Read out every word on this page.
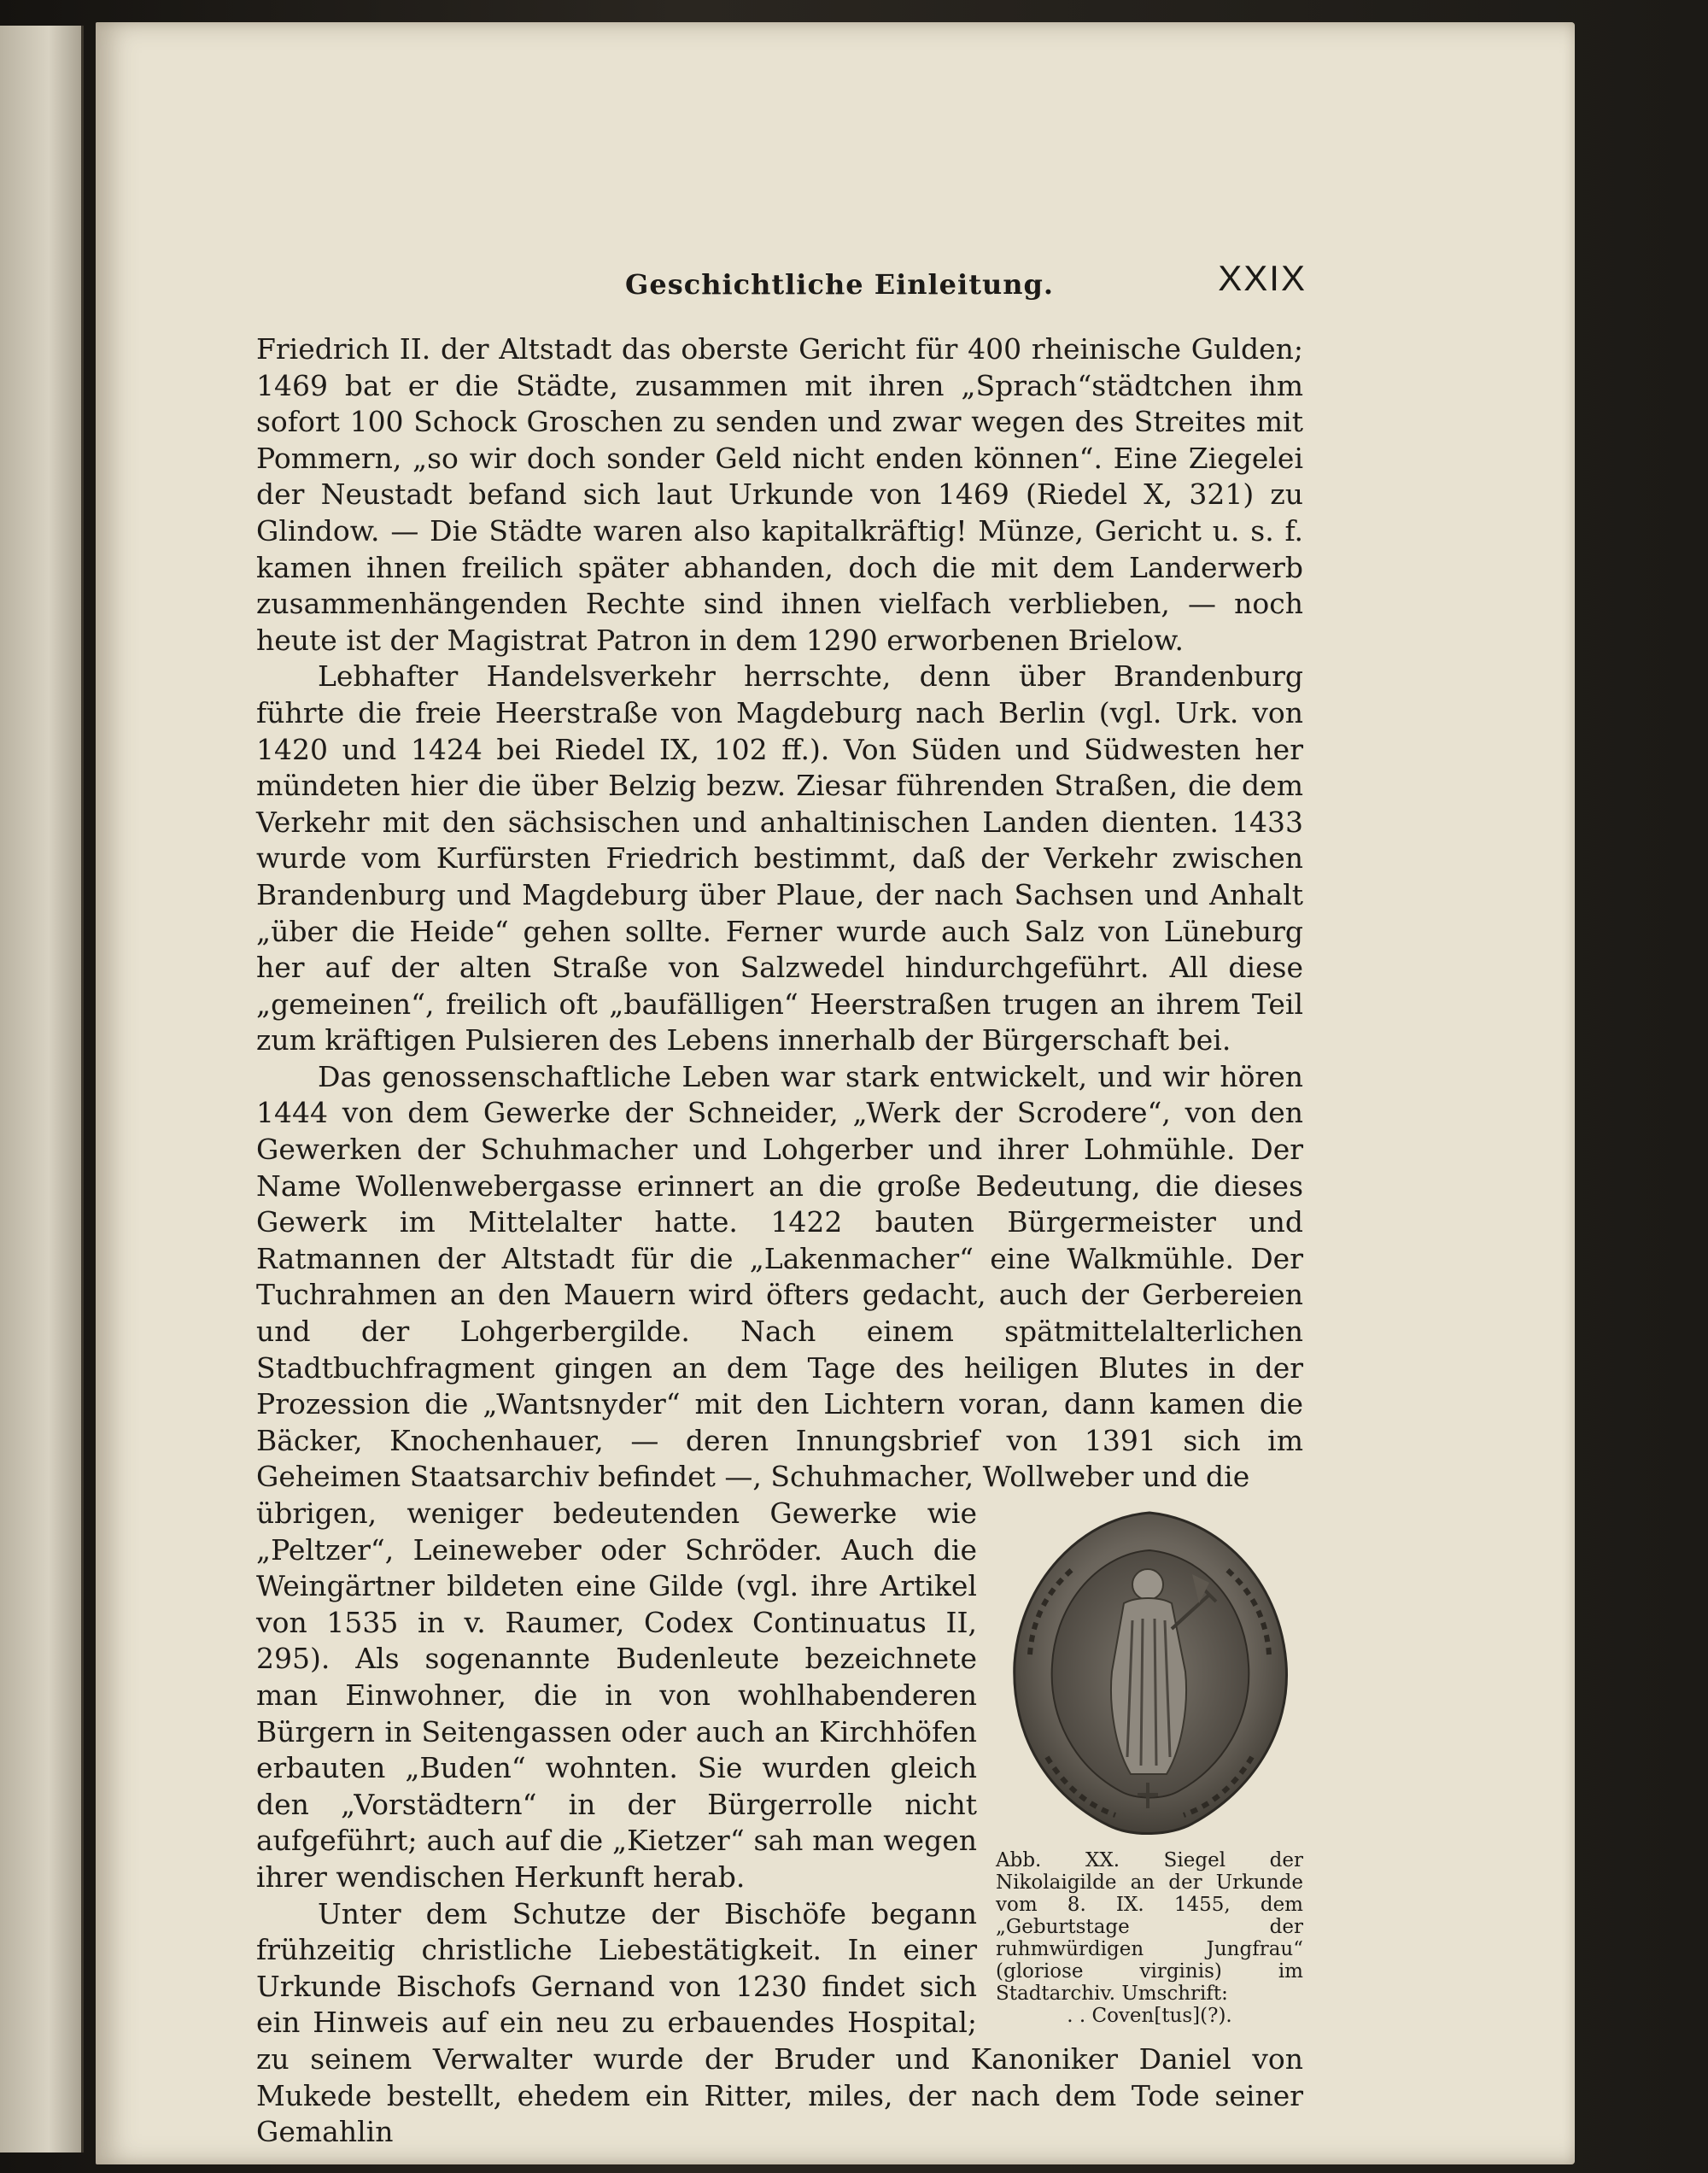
Geschichtliche Einleitung.	XXIX

Friedrich II. der Altstadt das oberste Gericht für 400 rheinische Gulden; 1469 bat er die Städte, zusammen mit ihren „Sprach“städtchen ihm sofort 100 Schock Groschen zu senden und zwar wegen des Streites mit Pommern, „so wir doch sonder Geld nicht enden können“. Eine Ziegelei der Neustadt befand sich laut Urkunde von 1469 (Riedel X, 321) zu Glindow. — Die Städte waren also kapitalkräftig! Münze, Gericht u. s. f. kamen ihnen freilich später abhanden, doch die mit dem Landerwerb zusammenhängenden Rechte sind ihnen vielfach verblieben, — noch heute ist der Magistrat Patron in dem 1290 erworbenen Brielow.

Lebhafter Handelsverkehr herrschte, denn über Brandenburg führte die freie Heerstraße von Magdeburg nach Berlin (vgl. Urk. von 1420 und 1424 bei Riedel IX, 102 ff.). Von Süden und Südwesten her mündeten hier die über Belzig bezw. Ziesar führenden Straßen, die dem Verkehr mit den sächsischen und anhaltinischen Landen dienten. 1433 wurde vom Kurfürsten Friedrich bestimmt, daß der Verkehr zwischen Brandenburg und Magdeburg über Plaue, der nach Sachsen und Anhalt „über die Heide“ gehen sollte. Ferner wurde auch Salz von Lüneburg her auf der alten Straße von Salzwedel hindurchgeführt. All diese „gemeinen“, freilich oft „baufälligen“ Heerstraßen trugen an ihrem Teil zum kräftigen Pulsieren des Lebens innerhalb der Bürgerschaft bei.

Das genossenschaftliche Leben war stark entwickelt, und wir hören 1444 von dem Gewerke der Schneider, „Werk der Scrodere“, von den Gewerken der Schuhmacher und Lohgerber und ihrer Lohmühle. Der Name Wollenwebergasse erinnert an die große Bedeutung, die dieses Gewerk im Mittelalter hatte. 1422 bauten Bürgermeister und Ratmannen der Altstadt für die „Lakenmacher“ eine Walkmühle. Der Tuchrahmen an den Mauern wird öfters gedacht, auch der Gerbereien und der Lohgerbergilde. Nach einem spätmittelalterlichen Stadtbuchfragment gingen an dem Tage des heiligen Blutes in der Prozession die „Wantsnyder“ mit den Lichtern voran, dann kamen die Bäcker, Knochenhauer, — deren Innungsbrief von 1391 sich im Geheimen Staatsarchiv befindet —, Schuhmacher, Wollweber und die

Abb. XX. Siegel der Nikolaigilde an der Urkunde vom 8. IX. 1455, dem „Geburtstage der ruhmwürdigen Jungfrau“ (gloriose virginis) im Stadtarchiv. Umschrift:
. . Coven[tus](?).

übrigen, weniger bedeutenden Gewerke wie „Peltzer“, Leineweber oder Schröder. Auch die Weingärtner bildeten eine Gilde (vgl. ihre Artikel von 1535 in v. Raumer, Codex Continuatus II, 295). Als sogenannte Budenleute bezeichnete man Einwohner, die in von wohlhabenderen Bürgern in Seitengassen oder auch an Kirchhöfen erbauten „Buden“ wohnten. Sie wurden gleich den „Vorstädtern“ in der Bürgerrolle nicht aufgeführt; auch auf die „Kietzer“ sah man wegen ihrer wendischen Herkunft herab.

Unter dem Schutze der Bischöfe begann frühzeitig christliche Liebestätigkeit. In einer Urkunde Bischofs Gernand von 1230 findet sich ein Hinweis auf ein neu zu erbauendes Hospital; zu seinem Verwalter wurde der Bruder und Kanoniker Daniel von Mukede bestellt, ehedem ein Ritter, miles, der nach dem Tode seiner Gemahlin
